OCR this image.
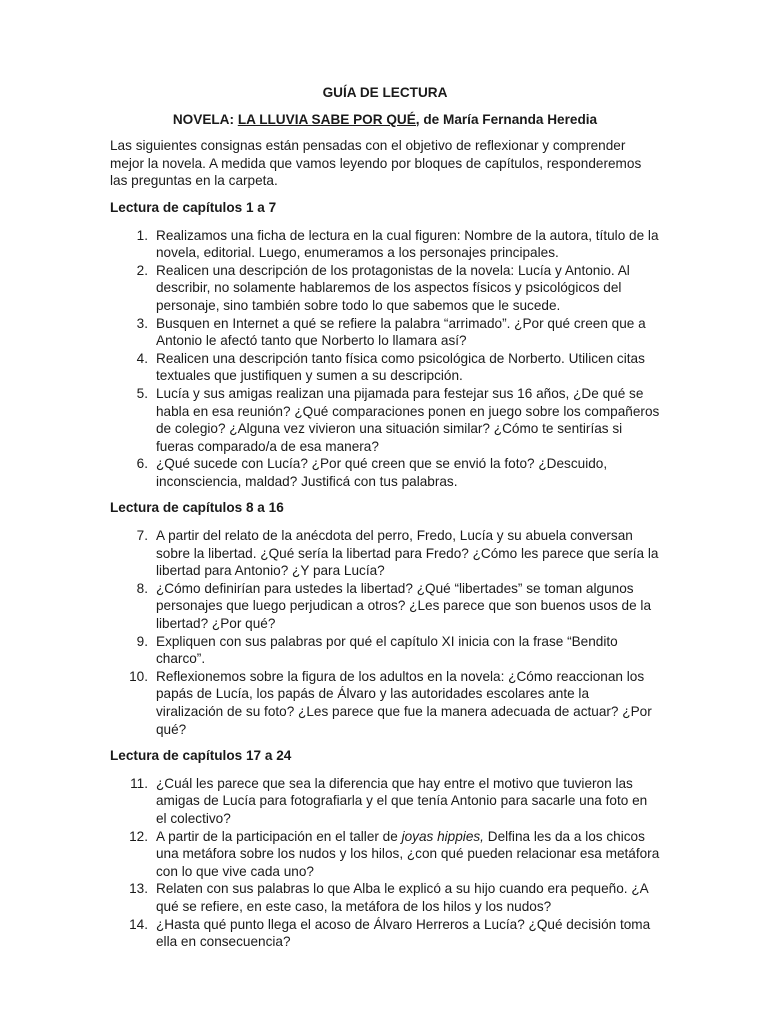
GUÍA DE LECTURA
NOVELA: LA LLUVIA SABE POR QUÉ, de María Fernanda Heredia

Las siguientes consignas están pensadas con el objetivo de reflexionar y comprender mejor la novela. A medida que vamos leyendo por bloques de capítulos, responderemos las preguntas en la carpeta.

Lectura de capítulos 1 a 7
1. Realizamos una ficha de lectura en la cual figuren: Nombre de la autora, título de la novela, editorial. Luego, enumeramos a los personajes principales.
2. Realicen una descripción de los protagonistas de la novela: Lucía y Antonio. Al describir, no solamente hablaremos de los aspectos físicos y psicológicos del personaje, sino también sobre todo lo que sabemos que le sucede.
3. Busquen en Internet a qué se refiere la palabra “arrimado”. ¿Por qué creen que a Antonio le afectó tanto que Norberto lo llamara así?
4. Realicen una descripción tanto física como psicológica de Norberto. Utilicen citas textuales que justifiquen y sumen a su descripción.
5. Lucía y sus amigas realizan una pijamada para festejar sus 16 años, ¿De qué se habla en esa reunión? ¿Qué comparaciones ponen en juego sobre los compañeros de colegio? ¿Alguna vez vivieron una situación similar? ¿Cómo te sentirías si fueras comparado/a de esa manera?
6. ¿Qué sucede con Lucía? ¿Por qué creen que se envió la foto? ¿Descuido, inconsciencia, maldad? Justificá con tus palabras.
Lectura de capítulos 8 a 16
7. A partir del relato de la anécdota del perro, Fredo, Lucía y su abuela conversan sobre la libertad. ¿Qué sería la libertad para Fredo? ¿Cómo les parece que sería la libertad para Antonio? ¿Y para Lucía?
8. ¿Cómo definirían para ustedes la libertad? ¿Qué “libertades” se toman algunos personajes que luego perjudican a otros? ¿Les parece que son buenos usos de la libertad? ¿Por qué?
9. Expliquen con sus palabras por qué el capítulo XI inicia con la frase “Bendito charco”.
10. Reflexionemos sobre la figura de los adultos en la novela: ¿Cómo reaccionan los papás de Lucía, los papás de Álvaro y las autoridades escolares ante la viralización de su foto? ¿Les parece que fue la manera adecuada de actuar? ¿Por qué?
Lectura de capítulos 17 a 24
11. ¿Cuál les parece que sea la diferencia que hay entre el motivo que tuvieron las amigas de Lucía para fotografiarla y el que tenía Antonio para sacarle una foto en el colectivo?
12. A partir de la participación en el taller de joyas hippies, Delfina les da a los chicos una metáfora sobre los nudos y los hilos, ¿con qué pueden relacionar esa metáfora con lo que vive cada uno?
13. Relaten con sus palabras lo que Alba le explicó a su hijo cuando era pequeño. ¿A qué se refiere, en este caso, la metáfora de los hilos y los nudos?
14. ¿Hasta qué punto llega el acoso de Álvaro Herreros a Lucía? ¿Qué decisión toma ella en consecuencia?
